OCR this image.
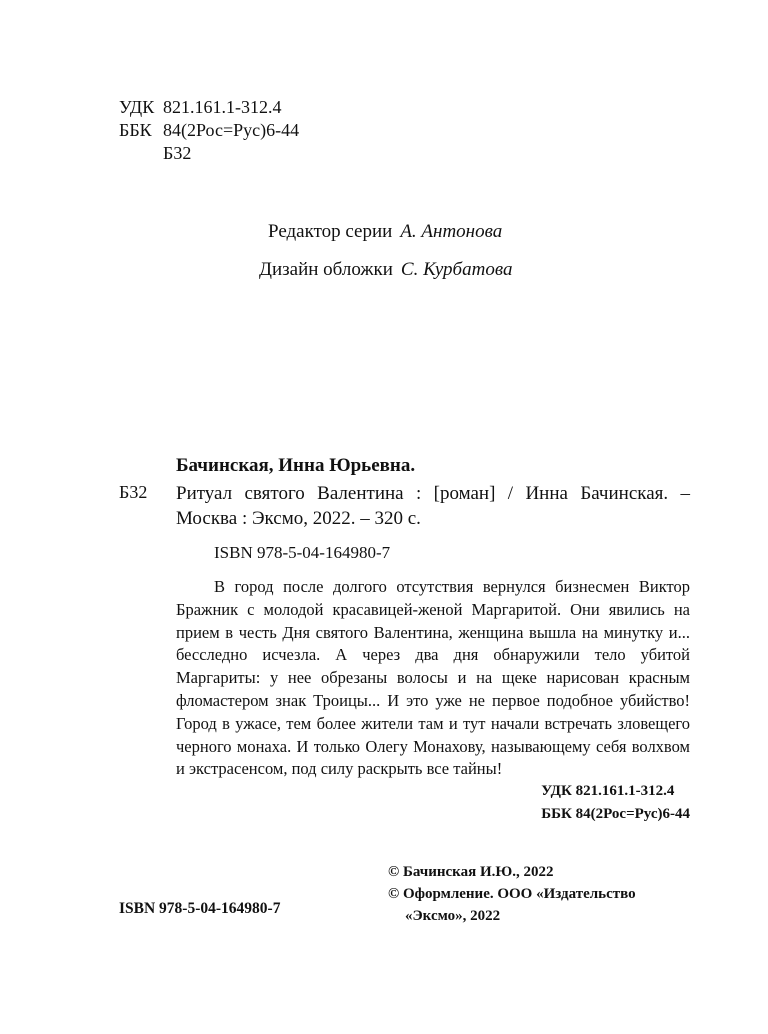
УДК 821.161.1-312.4
ББК 84(2Рос=Рус)6-44
Б32
Редактор серии А. Антонова
Дизайн обложки С. Курбатова
Бачинская, Инна Юрьевна.
Б32 Ритуал святого Валентина : [роман] / Инна Бачинская. – Москва : Эксмо, 2022. – 320 с.
ISBN 978-5-04-164980-7
В город после долгого отсутствия вернулся бизнесмен Виктор Бражник с молодой красавицей-женой Маргаритой. Они явились на прием в честь Дня святого Валентина, женщина вышла на минутку и... бесследно исчезла. А через два дня обнаружили тело убитой Маргариты: у нее обрезаны волосы и на щеке нарисован красным фломастером знак Троицы... И это уже не первое подобное убийство! Город в ужасе, тем более жители там и тут начали встречать зловещего черного монаха. И только Олегу Монахову, называющему себя волхвом и экстрасенсом, под силу раскрыть все тайны!
УДК 821.161.1-312.4
ББК 84(2Рос=Рус)6-44
© Бачинская И.Ю., 2022
© Оформление. ООО «Издательство
«Эксмо», 2022
ISBN 978-5-04-164980-7
